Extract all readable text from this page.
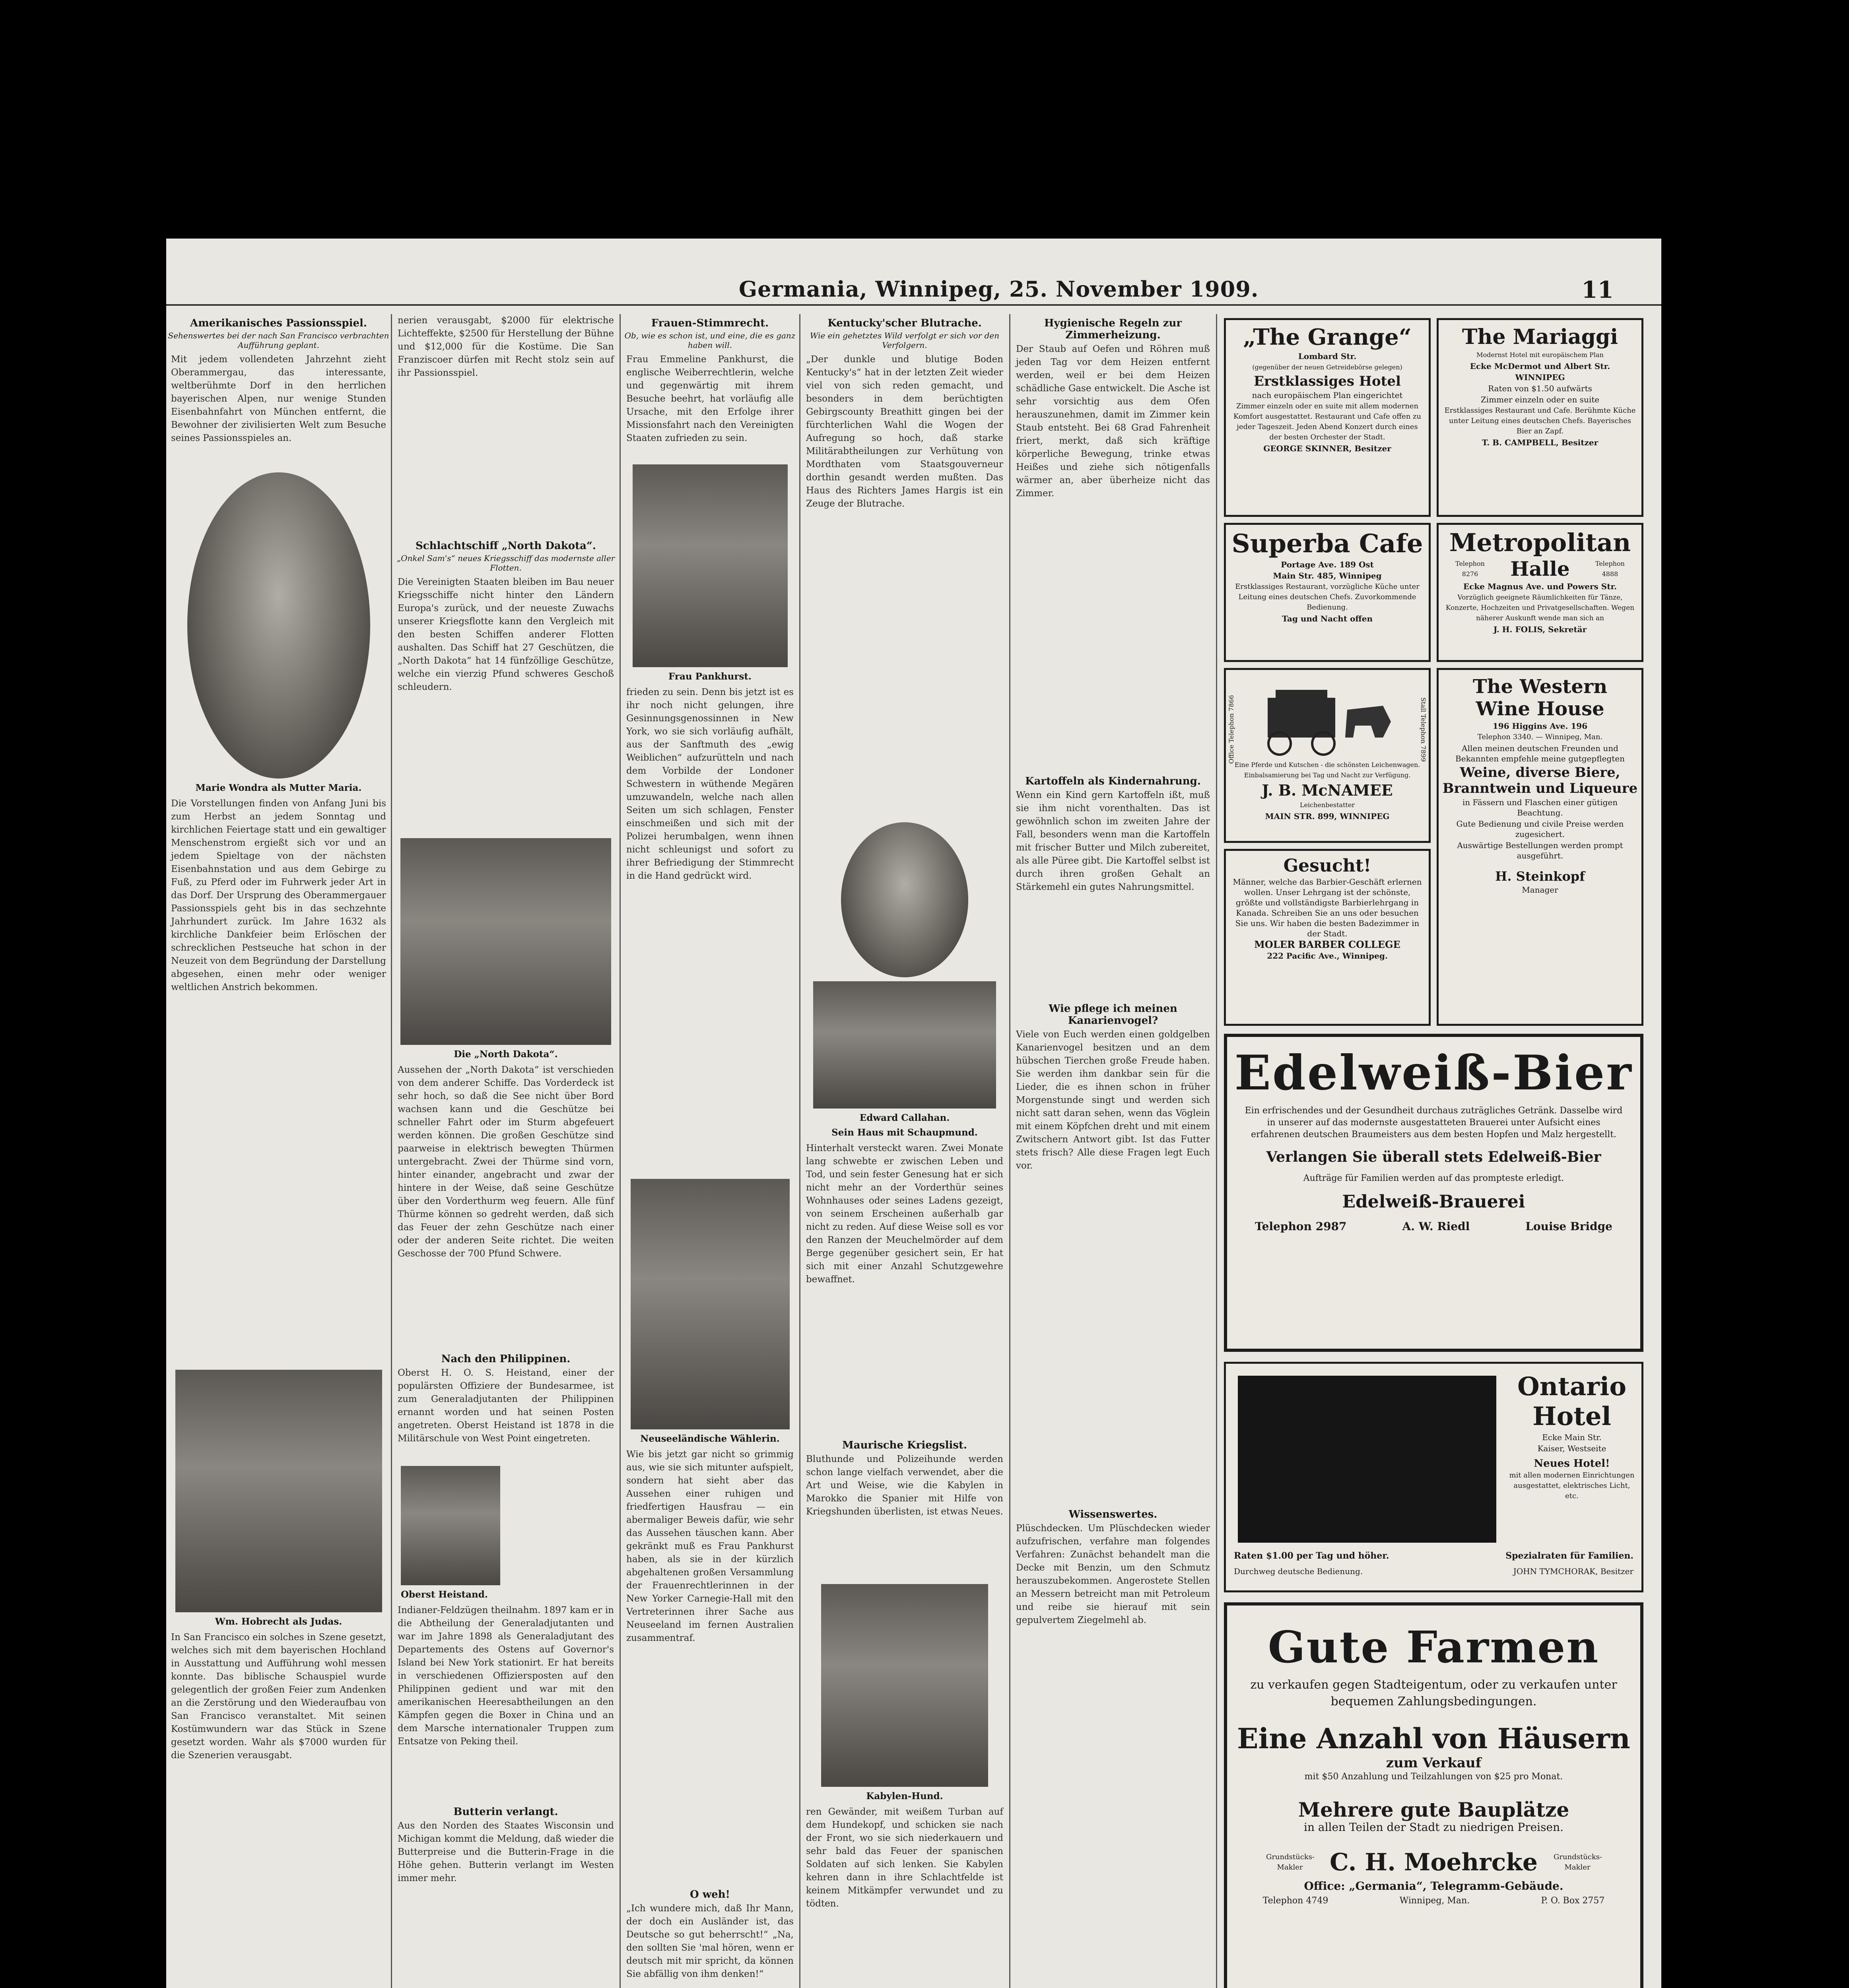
Germania, Winnipeg, 25. November 1909.	11
Amerikanisches Passionsspiel.
Sehenswertes bei der nach San Francisco verbrachten Aufführung geplant.
Mit jedem vollendeten Jahrzehnt zieht Oberammergau, das interessante, weltberühmte Dorf in den herrlichen bayerischen Alpen, nur wenige Stunden Eisenbahnfahrt von München entfernt, die Bewohner der zivilisierten Welt zum Besuche seines Passionsspieles an.
Marie Wondra als Mutter Maria.
Die Vorstellungen finden von Anfang Juni bis zum Herbst an jedem Sonntag und kirchlichen Feiertage statt und ein gewaltiger Menschenstrom ergießt sich vor und an jedem Spieltage von der nächsten Eisenbahnstation und aus dem Gebirge zu Fuß, zu Pferd oder im Fuhrwerk jeder Art in das Dorf. Der Ursprung des Oberammergauer Passionsspiels geht bis in das sechzehnte Jahrhundert zurück. Im Jahre 1632 als kirchliche Dankfeier beim Erlöschen der schrecklichen Pestseuche hat schon in der Neuzeit von dem Begründung der Darstellung abgesehen, einen mehr oder weniger weltlichen Anstrich bekommen.
Wm. Hobrecht als Judas.
In San Francisco ein solches in Szene gesetzt, welches sich mit dem bayerischen Hochland in Ausstattung und Aufführung wohl messen konnte. Das biblische Schauspiel wurde gelegentlich der großen Feier zum Andenken an die Zerstörung und den Wiederaufbau von San Francisco veranstaltet. Mit seinen Kostümwundern war das Stück in Szene gesetzt worden. Wahr als $7000 wurden für die Szenerien verausgabt.
nerien verausgabt, $2000 für elektrische Lichteffekte, $2500 für Herstellung der Bühne und $12,000 für die Kostüme. Die San Franziscoer dürfen mit Recht stolz sein auf ihr Passionsspiel.
Schlachtschiff „North Dakota“.
„Onkel Sam's“ neues Kriegsschiff das modernste aller Flotten.
Die Vereinigten Staaten bleiben im Bau neuer Kriegsschiffe nicht hinter den Ländern Europa's zurück, und der neueste Zuwachs unserer Kriegsflotte kann den Vergleich mit den besten Schiffen anderer Flotten aushalten. Das Schiff hat 27 Geschützen, die „North Dakota“ hat 14 fünfzöllige Geschütze, welche ein vierzig Pfund schweres Geschoß schleudern.
Die „North Dakota“.
Aussehen der „North Dakota“ ist verschieden von dem anderer Schiffe. Das Vorderdeck ist sehr hoch, so daß die See nicht über Bord wachsen kann und die Geschütze bei schneller Fahrt oder im Sturm abgefeuert werden können. Die großen Geschütze sind paarweise in elektrisch bewegten Thürmen untergebracht. Zwei der Thürme sind vorn, hinter einander, angebracht und zwar der hintere in der Weise, daß seine Geschütze über den Vorderthurm weg feuern. Alle fünf Thürme können so gedreht werden, daß sich das Feuer der zehn Geschütze nach einer oder der anderen Seite richtet. Die weiten Geschosse der 700 Pfund Schwere.
Nach den Philippinen.
Oberst H. O. S. Heistand, einer der populärsten Offiziere der Bundesarmee, ist zum Generaladjutanten der Philippinen ernannt worden und hat seinen Posten angetreten. Oberst Heistand ist 1878 in die Militärschule von West Point eingetreten.
Oberst Heistand.
Indianer-Feldzügen theilnahm. 1897 kam er in die Abtheilung der Generaladjutanten und war im Jahre 1898 als Generaladjutant des Departements des Ostens auf Governor's Island bei New York stationirt. Er hat bereits in verschiedenen Offiziersposten auf den Philippinen gedient und war mit den amerikanischen Heeresabtheilungen an den Kämpfen gegen die Boxer in China und an dem Marsche internationaler Truppen zum Entsatze von Peking theil.
Butterin verlangt.
Aus den Norden des Staates Wisconsin und Michigan kommt die Meldung, daß wieder die Butterpreise und die Butterin-Frage in die Höhe gehen. Butterin verlangt im Westen immer mehr.
Frauen-Stimmrecht.
Ob, wie es schon ist, und eine, die es ganz haben will.
Frau Emmeline Pankhurst, die englische Weiberrechtlerin, welche und gegenwärtig mit ihrem Besuche beehrt, hat vorläufig alle Ursache, mit den Erfolge ihrer Missionsfahrt nach den Vereinigten Staaten zufrieden zu sein.
Frau Pankhurst.
frieden zu sein. Denn bis jetzt ist es ihr noch nicht gelungen, ihre Gesinnungsgenossinnen in New York, wo sie sich vorläufig aufhält, aus der Sanftmuth des „ewig Weiblichen“ aufzurütteln und nach dem Vorbilde der Londoner Schwestern in wüthende Megären umzuwandeln, welche nach allen Seiten um sich schlagen, Fenster einschmeißen und sich mit der Polizei herumbalgen, wenn ihnen nicht schleunigst und sofort zu ihrer Befriedigung der Stimmrecht in die Hand gedrückt wird.
Neuseeländische Wählerin.
Wie bis jetzt gar nicht so grimmig aus, wie sie sich mitunter aufspielt, sondern hat sieht aber das Aussehen einer ruhigen und friedfertigen Hausfrau — ein abermaliger Beweis dafür, wie sehr das Aussehen täuschen kann. Aber gekränkt muß es Frau Pankhurst haben, als sie in der kürzlich abgehaltenen großen Versammlung der Frauenrechtlerinnen in der New Yorker Carnegie-Hall mit den Vertreterinnen ihrer Sache aus Neuseeland im fernen Australien zusammentraf.
O weh!
„Ich wundere mich, daß Ihr Mann, der doch ein Ausländer ist, das Deutsche so gut beherrscht!“ „Na, den sollten Sie 'mal hören, wenn er deutsch mit mir spricht, da können Sie abfällig von ihm denken!“
Kentucky'scher Blutrache.
Wie ein gehetztes Wild verfolgt er sich vor den Verfolgern.
„Der dunkle und blutige Boden Kentucky's“ hat in der letzten Zeit wieder viel von sich reden gemacht, und besonders in dem berüchtigten Gebirgscounty Breathitt gingen bei der fürchterlichen Wahl die Wogen der Aufregung so hoch, daß starke Militärabtheilungen zur Verhütung von Mordthaten vom Staatsgouverneur dorthin gesandt werden mußten. Das Haus des Richters James Hargis ist ein Zeuge der Blutrache.
Edward Callahan.
Sein Haus mit Schaupmund.
Hinterhalt versteckt waren. Zwei Monate lang schwebte er zwischen Leben und Tod, und sein fester Genesung hat er sich nicht mehr an der Vorderthür seines Wohnhauses oder seines Ladens gezeigt, von seinem Erscheinen außerhalb gar nicht zu reden. Auf diese Weise soll es vor den Ranzen der Meuchelmörder auf dem Berge gegenüber gesichert sein, Er hat sich mit einer Anzahl Schutzgewehre bewaffnet.
Maurische Kriegslist.
Bluthunde und Polizeihunde werden schon lange vielfach verwendet, aber die Art und Weise, wie die Kabylen in Marokko die Spanier mit Hilfe von Kriegshunden überlisten, ist etwas Neues.
Kabylen-Hund.
ren Gewänder, mit weißem Turban auf dem Hundekopf, und schicken sie nach der Front, wo sie sich niederkauern und sehr bald das Feuer der spanischen Soldaten auf sich lenken. Sie Kabylen kehren dann in ihre Schlachtfelde ist keinem Mitkämpfer verwundet und zu tödten.
Hygienische Regeln zur Zimmerheizung.
Der Staub auf Oefen und Röhren muß jeden Tag vor dem Heizen entfernt werden, weil er bei dem Heizen schädliche Gase entwickelt. Die Asche ist sehr vorsichtig aus dem Ofen herauszunehmen, damit im Zimmer kein Staub entsteht. Bei 68 Grad Fahrenheit friert, merkt, daß sich kräftige körperliche Bewegung, trinke etwas Heißes und ziehe sich nötigenfalls wärmer an, aber überheize nicht das Zimmer.
Kartoffeln als Kindernahrung.
Wenn ein Kind gern Kartoffeln ißt, muß sie ihm nicht vorenthalten. Das ist gewöhnlich schon im zweiten Jahre der Fall, besonders wenn man die Kartoffeln mit frischer Butter und Milch zubereitet, als alle Püree gibt. Die Kartoffel selbst ist durch ihren großen Gehalt an Stärkemehl ein gutes Nahrungsmittel.
Wie pflege ich meinen Kanarienvogel?
Viele von Euch werden einen goldgelben Kanarienvogel besitzen und an dem hübschen Tierchen große Freude haben. Sie werden ihm dankbar sein für die Lieder, die es ihnen schon in früher Morgenstunde singt und werden sich nicht satt daran sehen, wenn das Vöglein mit einem Köpfchen dreht und mit einem Zwitschern Antwort gibt. Ist das Futter stets frisch? Alle diese Fragen legt Euch vor.
Wissenswertes.
Plüschdecken. Um Plüschdecken wieder aufzufrischen, verfahre man folgendes Verfahren: Zunächst behandelt man die Decke mit Benzin, um den Schmutz herauszubekommen. Angerostete Stellen an Messern betreicht man mit Petroleum und reibe sie hierauf mit sein gepulvertem Ziegelmehl ab.
„The Grange“
Lombard Str.
(gegenüber der neuen Getreidebörse gelegen)
Erstklassiges Hotel
nach europäischem Plan eingerichtet
Zimmer einzeln oder en suite mit allem modernen Komfort ausgestattet. Restaurant und Cafe offen zu jeder Tageszeit. Jeden Abend Konzert durch eines der besten Orchester der Stadt.
GEORGE SKINNER, Besitzer
The Mariaggi
Modernst Hotel mit europäischem Plan
Ecke McDermot und Albert Str.
WINNIPEG
Raten von $1.50 aufwärts
Zimmer einzeln oder en suite
Erstklassiges Restaurant und Cafe. Berühmte Küche unter Leitung eines deutschen Chefs. Bayerisches Bier an Zapf.
T. B. CAMPBELL, Besitzer
Superba Cafe
Portage Ave. 189 Ost
Main Str. 485, Winnipeg
Erstklassiges Restaurant, vorzügliche Küche unter Leitung eines deutschen Chefs. Zuvorkommende Bedienung.
Tag und Nacht offen
Metropolitan
Telephon 8276	Halle	Telephon 4888
Ecke Magnus Ave. und Powers Str.
Vorzüglich geeignete Räumlichkeiten für Tänze, Konzerte, Hochzeiten und Privatgesellschaften. Wegen näherer Auskunft wende man sich an
J. H. FOLIS, Sekretär
Office Telephon 7866	Stall Telephon 7899
Eine Pferde und Kutschen - die schönsten Leichenwagen. Einbalsamierung bei Tag und Nacht zur Verfügung.
J. B. McNAMEE
Leichenbestatter
MAIN STR. 899, WINNIPEG
The Western
Wine House
196 Higgins Ave. 196
Telephon 3340. — Winnipeg, Man.
Allen meinen deutschen Freunden und Bekannten empfehle meine gutgepflegten
Weine, diverse Biere,
Branntwein und Liqueure
in Fässern und Flaschen einer gütigen Beachtung.
Gute Bedienung und civile Preise werden zugesichert.
Auswärtige Bestellungen werden prompt ausgeführt.
H. Steinkopf
Manager
Gesucht!
Männer, welche das Barbier-Geschäft erlernen wollen. Unser Lehrgang ist der schönste, größte und vollständigste Barbierlehrgang in Kanada. Schreiben Sie an uns oder besuchen Sie uns. Wir haben die besten Badezimmer in der Stadt.
MOLER BARBER COLLEGE
222 Pacific Ave., Winnipeg.
Edelweiß-Bier
Ein erfrischendes und der Gesundheit durchaus zuträgliches Getränk. Dasselbe wird in unserer auf das modernste ausgestatteten Brauerei unter Aufsicht eines erfahrenen deutschen Braumeisters aus dem besten Hopfen und Malz hergestellt.
Verlangen Sie überall stets Edelweiß-Bier
Aufträge für Familien werden auf das prompteste erledigt.
Edelweiß-Brauerei
Telephon 2987	A. W. Riedl	Louise Bridge
Ontario
Hotel
Ecke Main Str.
Kaiser, Westseite
Neues Hotel!
mit allen modernen Einrichtungen ausgestattet, elektrisches Licht, etc.
Raten $1.00 per Tag und höher.	Spezialraten für Familien.
Durchweg deutsche Bedienung.	JOHN TYMCHORAK, Besitzer
Gute Farmen
zu verkaufen gegen Stadteigentum, oder zu verkaufen unter bequemen Zahlungsbedingungen.
Eine Anzahl von Häusern
zum Verkauf
mit $50 Anzahlung und Teilzahlungen von $25 pro Monat.
Mehrere gute Bauplätze
in allen Teilen der Stadt zu niedrigen Preisen.
Grundstücks-Makler	C. H. Moehrcke Grundstücks-Makler
Office: „Germania“, Telegramm-Gebäude.
Telephon 4749	Winnipeg, Man.	P. O. Box 2757
